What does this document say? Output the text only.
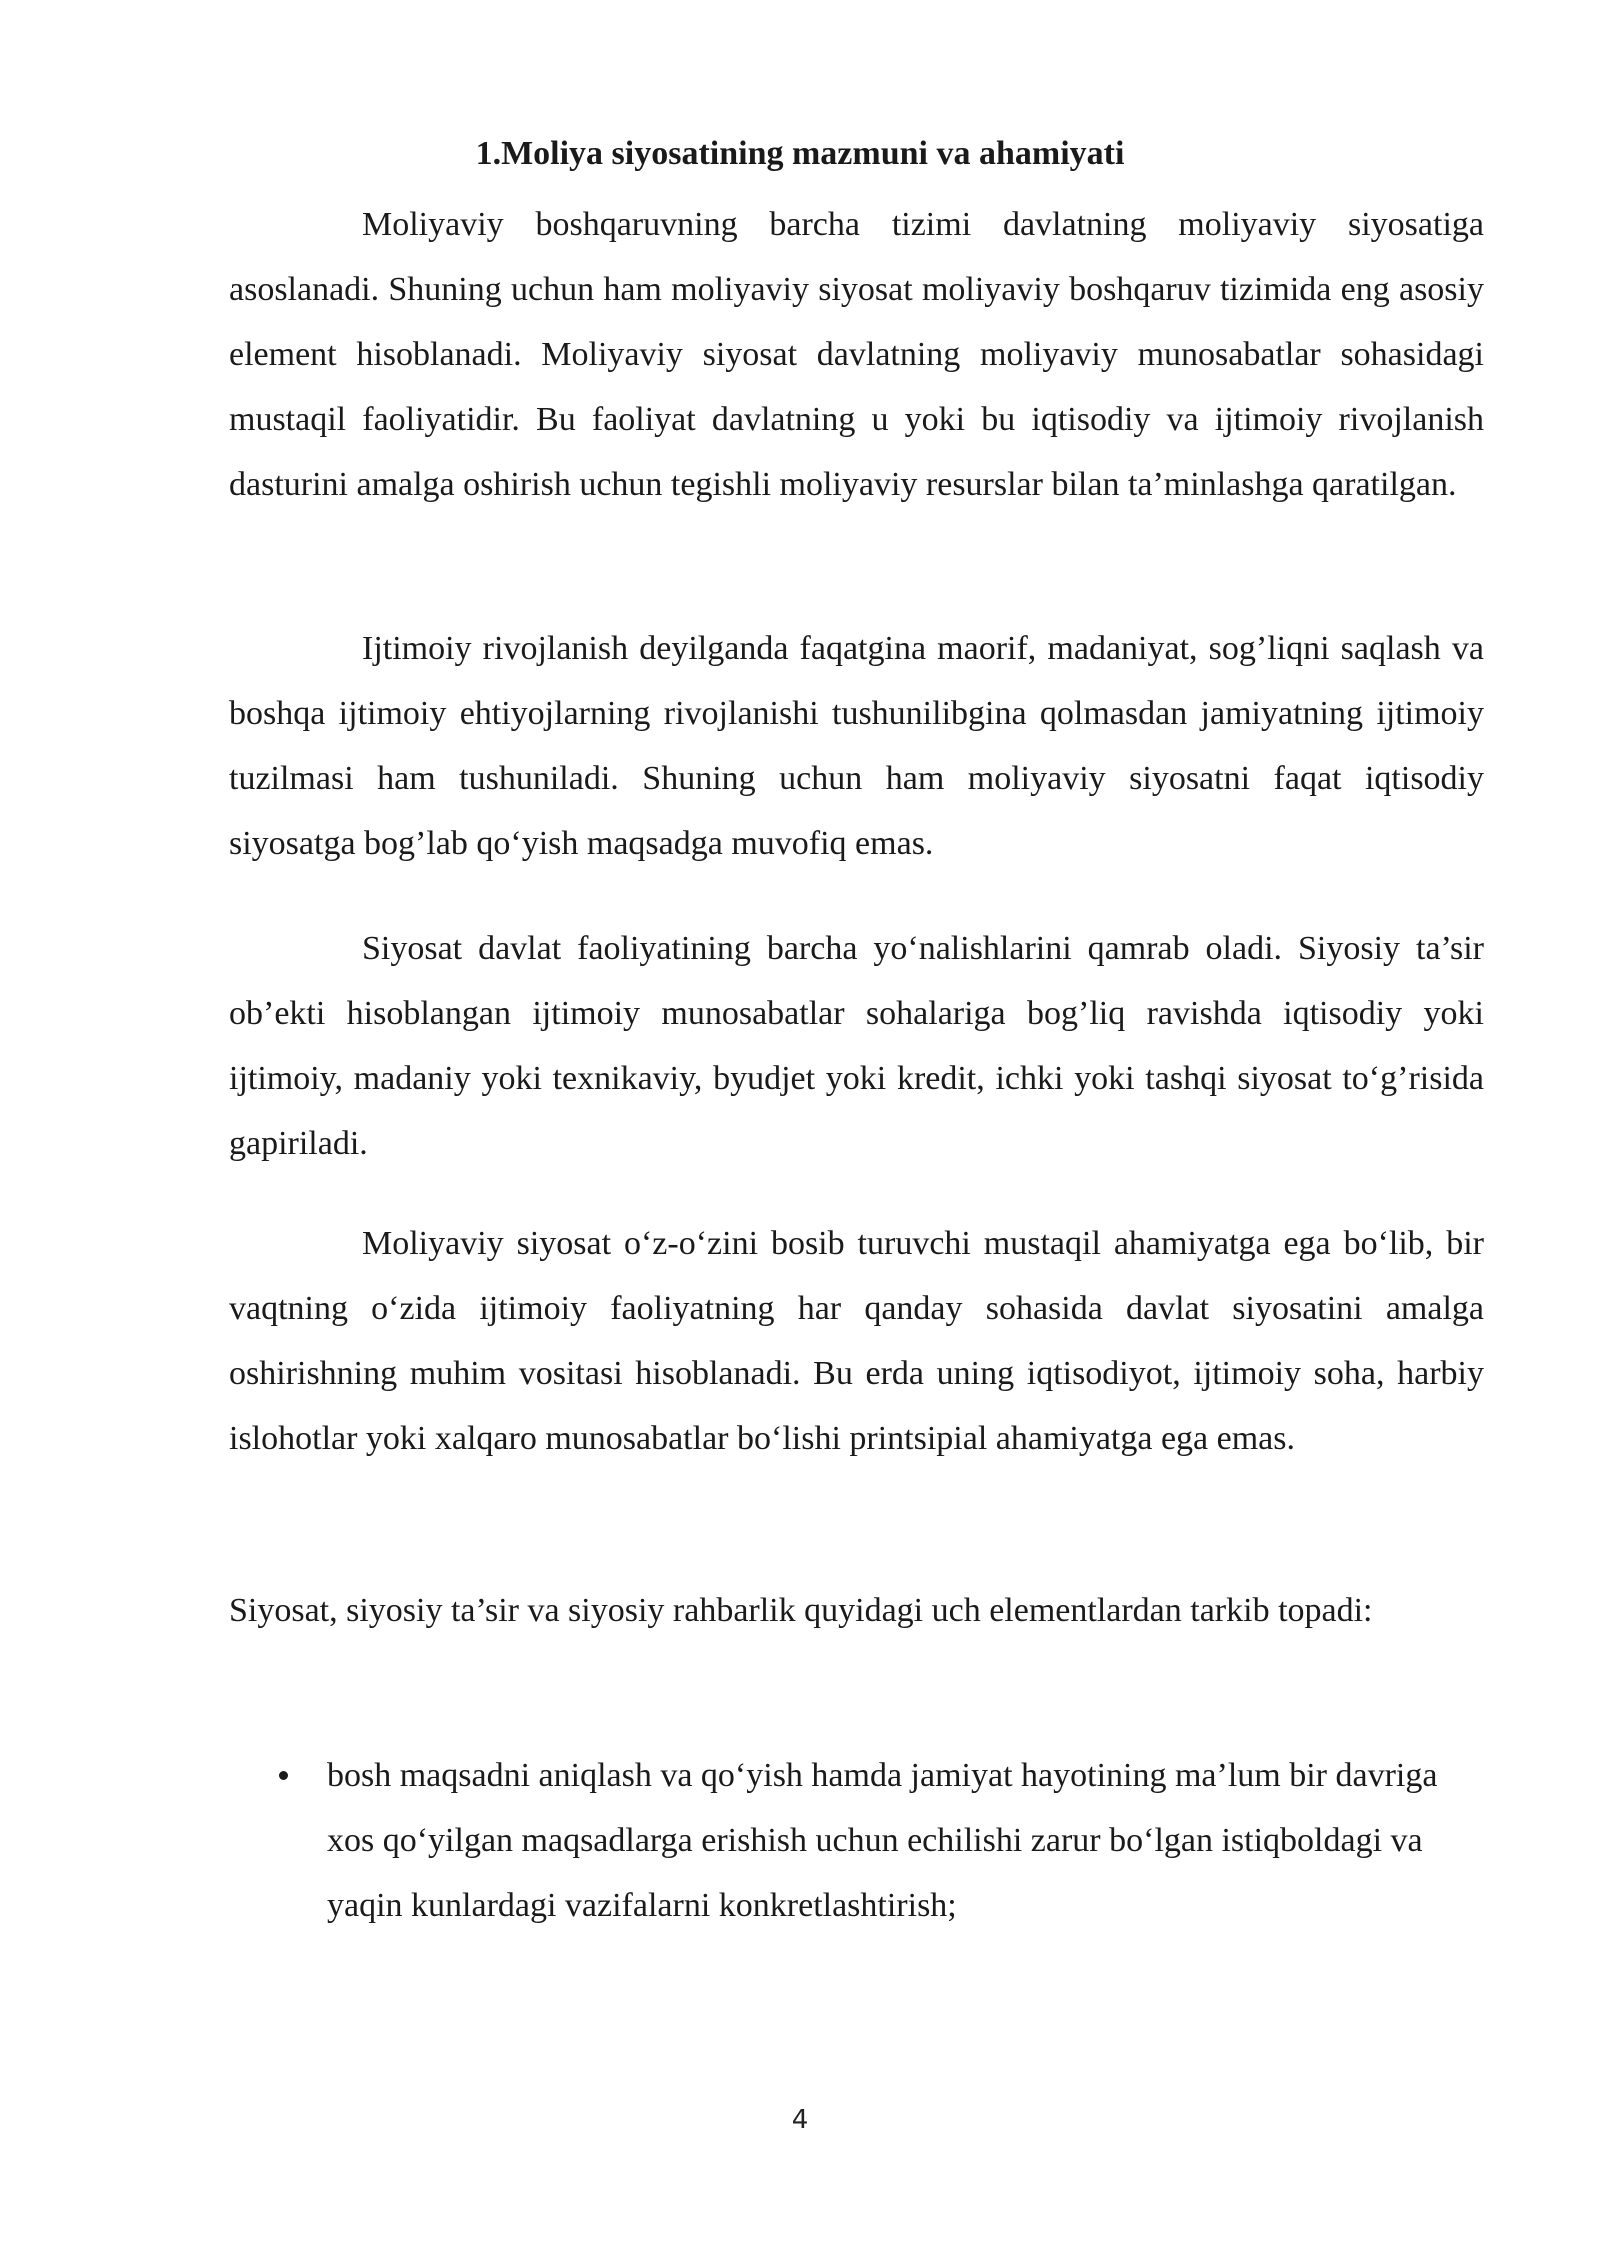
1.Moliya siyosatining mazmuni va ahamiyati

Moliyaviy boshqaruvning barcha tizimi davlatning moliyaviy siyosatiga asoslanadi. Shuning uchun ham moliyaviy siyosat moliyaviy boshqaruv tizimida eng asosiy element hisoblanadi. Moliyaviy siyosat davlatning moliyaviy munosabatlar sohasidagi mustaqil faoliyatidir. Bu faoliyat davlatning u yoki bu iqtisodiy va ijtimoiy rivojlanish dasturini amalga oshirish uchun tegishli moliyaviy resurslar bilan ta’minlashga qaratilgan.

Ijtimoiy rivojlanish deyilganda faqatgina maorif, madaniyat, sog’liqni saqlash va boshqa ijtimoiy ehtiyojlarning rivojlanishi tushunilibgina qolmasdan jamiyatning ijtimoiy tuzilmasi ham tushuniladi. Shuning uchun ham moliyaviy siyosatni faqat iqtisodiy siyosatga bog’lab qo‘yish maqsadga muvofiq emas.

Siyosat davlat faoliyatining barcha yo‘nalishlarini qamrab oladi. Siyosiy ta’sir ob’ekti hisoblangan ijtimoiy munosabatlar sohalariga bog’liq ravishda iqtisodiy yoki ijtimoiy, madaniy yoki texnikaviy, byudjet yoki kredit, ichki yoki tashqi siyosat to‘g’risida gapiriladi.

Moliyaviy siyosat o‘z-o‘zini bosib turuvchi mustaqil ahamiyatga ega bo‘lib, bir vaqtning o‘zida ijtimoiy faoliyatning har qanday sohasida davlat siyosatini amalga oshirishning muhim vositasi hisoblanadi. Bu erda uning iqtisodiyot, ijtimoiy soha, harbiy islohotlar yoki xalqaro munosabatlar bo‘lishi printsipial ahamiyatga ega emas.

Siyosat, siyosiy ta’sir va siyosiy rahbarlik quyidagi uch elementlardan tarkib topadi:

bosh maqsadni aniqlash va qo‘yish hamda jamiyat hayotining ma’lum bir davriga xos qo‘yilgan maqsadlarga erishish uchun echilishi zarur bo‘lgan istiqboldagi va yaqin kunlardagi vazifalarni konkretlashtirish;
4
